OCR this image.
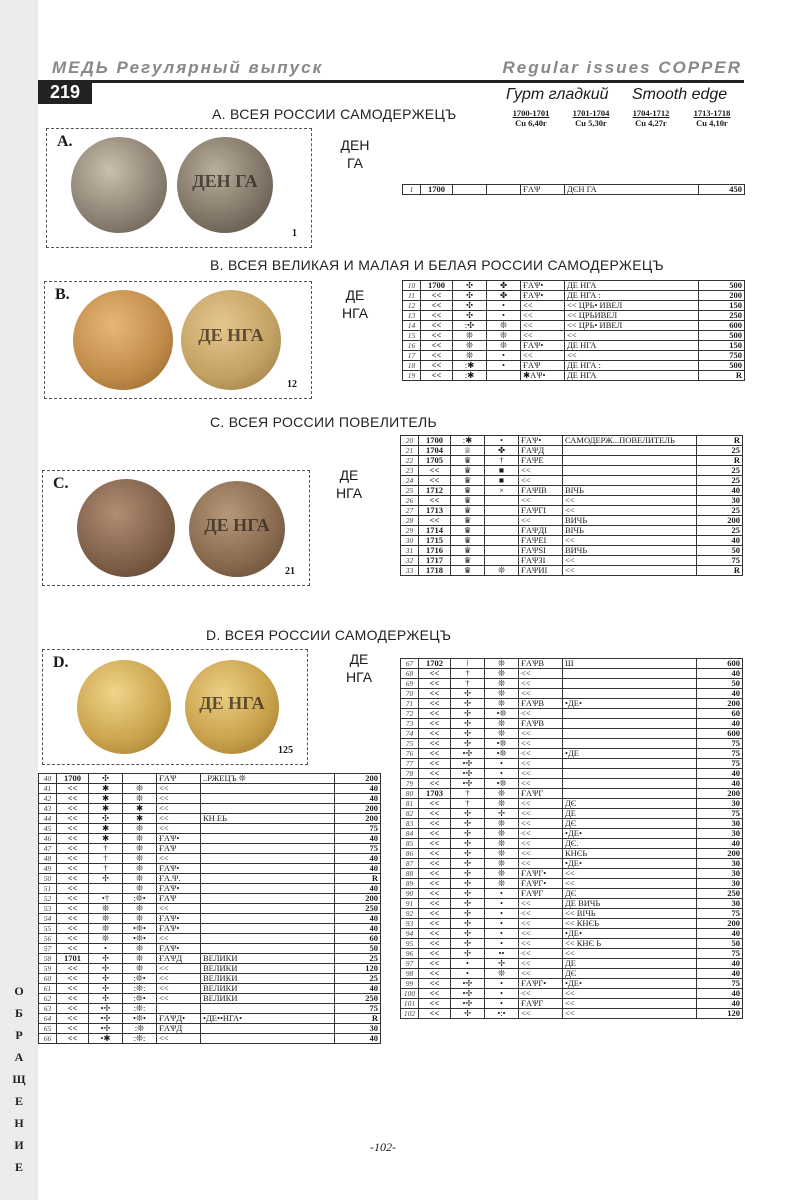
О
Б
Р
А
Щ
Е
Н
И
Е
МЕДЬ Регулярный выпуск	Regular issues COPPER
219	Гурт гладкий Smooth edge
1700-1701
Cu 6,40г
1701-1704
Cu 5,30г
1704-1712
Cu 4,27г
1713-1718
Cu 4,10г
А. ВСЕЯ РОССИИ САМОДЕРЖЕЦЪ
А.
ДЕН ГА
1
ДЕН
ГА
1	1700			ҒАΨ	ДЄН ГА	450
В. ВСЕЯ ВЕЛИКАЯ И МАЛАЯ И БЕЛАЯ РОССИИ САМОДЕРЖЕЦЪ
B.
ДЕ НГА
12
ДЕ
НГА
10	1700	✣	✤	ҒАѰ•	ДЕ НГА	500
11	<<	✣	✤	ҒАѰ•	ДЕ НГА :	200
12	<<	✣	•	<<	<< ЦРЬ• ИВЕЛ	150
13	<<	✣	•	<<	<< ЦРЬИВЕЛ	250
14	<<	:✣	❊	<<	<< ЦРЬ• ИВЕЛ	600
15	<<	❊	❊	<<	<<	500
16	<<	❊	❊	ҒАѰ•	ДЕ НГА	150
17	<<	❊	•	<<	<<	750
18	<<	:✱	•	ҒАѰ	ДЕ НГА :	500
19	<<	:✱		✱АѰ•	ДЕ НГА	R
C. ВСЕЯ РОССИИ ПОВЕЛИТЕЛЬ
C.
ДЕ НГА
21
ДЕ
НГА
20	1700	:✱	•	ҒАѰ•	САМОДЕРЖ...ПОВЕЛИТЕЛЬ	R
21	1704	♕	✤	ҒАΨД		25
22	1705	♛	†	ҒАΨЕ		R
23	<<	♛	■	<<		25
24	<<	♛	■	<<		25
25	1712	♛	×	ҒАΨІВ	ВІЧЬ	40
26	<<	♛		<<	<<	30
27	1713	♛		ҒАΨГІ	<<	25
28	<<	♛		<<	ВИЧЬ	200
29	1714	♛		ҒАΨДІ	ВІЧЬ	25
30	1715	♛		ҒАΨЕІ	<<	40
31	1716	♛		ҒАΨЅІ	ВИЧЬ	50
32	1717	♛		ҒАΨЗІ	<<	75
33	1718	♛	❊	ҒАΨИІ	<<	R
D. ВСЕЯ РОССИИ САМОДЕРЖЕЦЪ
D.
ДЕ НГА
125
ДЕ
НГА
40	1700	✣		ҒАѰ	..РЖЕЦЪ ❊	200
41	<<	✱	❊	<<		40
42	<<	✱	❊	<<		40
43	<<	✱	✱	<<		200
44	<<	✣	✱	<<	КН ЕЬ	200
45	<<	✱	❊	<<		75
46	<<	✱	❊	ҒАѰ•		40
47	<<	†	❊	ҒАѰ		75
48	<<	†	❊	<<		40
49	<<	†	❊	ҒАѰ•		40
50	<<	✢	❊	ҒА.Ψ.		R
51	<<		❊	ҒАѰ•		40
52	<<	•†	:❊•	ҒАѰ		200
53	<<	❊	❊	<<		250
54	<<	❊	❊	ҒАѰ•		40
55	<<	❊	•❊•	ҒАѰ•		40
56	<<	❊	•❊•	<<		60
57	<<	•	❊	ҒАѰ•		50
58	1701	✢	❊	ҒАѰД	ВЕЛИКИ	25
59	<<	✢	❊	<<	ВЕЛИКИ	120
60	<<	✢	:❊•	<<	ВЕЛИКИ	25
61	<<	✢	:❊:	<<	ВЕЛИКИ	40
62	<<	✢	:❊•	<<	ВЕЛИКИ	250
63	<<	•✢	:❊:			75
64	<<	•✢	•❊•	ҒАѰД•	•ДЕ••НГА•	R
65	<<	•✢	:❊	ҒАѰД		30
66	<<	•✱	:❊:	<<		40
67	1702	⁝	❊	ҒАѰВ	Ш	600
68	<<	†	❊	<<		40
69	<<	†	❊	<<		50
70	<<	✢	❊	<<		40
71	<<	✢	❊	ҒАѰВ	•ДЕ•	200
72	<<	✢	•❊	<<		60
73	<<	✢	❊	ҒАѰВ		40
74	<<	✢	❊	<<		600
75	<<	✢	•❊	<<		75
76	<<	•✢	•❊	<<	•ДЕ	75
77	<<	•✢	•	<<		75
78	<<	•✢	•	<<		40
79	<<	•✢	•❊	<<		40
80	1703	†	❊	ҒАѰГ		200
81	<<	†	❊	<<	ДЄ	30
82	<<	✢	✢	<<	ДЕ	75
83	<<	✢	❊	<<	ДЄ	30
84	<<	✢	❊	<<	•ДЕ•	30
85	<<	✢	❊	<<	ДЄ.	40
86	<<	✢	❊	<<	КНЄЬ	200
87	<<	✢	❊	<<	•ДЕ•	30
88	<<	✢	❊	ҒАѰГ•	<<	30
89	<<	✢	❊	ҒАѰГ•	<<	30
90	<<	✢	•	ҒАѰГ	ДЄ	250
91	<<	✢	•	<<	ДЕ ВИЧЬ	30
92	<<	✢	•	<<	<< ВІЧЬ	75
93	<<	✢	•	<<	<< КНЄЬ	200
94	<<	✢	•	<<	•ДЕ•	40
95	<<	✢	•	<<	<< КНЄ Ь	50
96	<<	✢	••	<<	<<	75
97	<<	•	✢	<<	ДЕ	40
98	<<	•	❊	<<	ДЄ	40
99	<<	•✢	•	ҒАѰГ•	•ДЕ•	75
100	<<	•✢	•	<<	<<	40
101	<<	•✢	•	ҒАѰГ	<<	40
102	<<	✢	•:•	<<	<<	120
-102-
